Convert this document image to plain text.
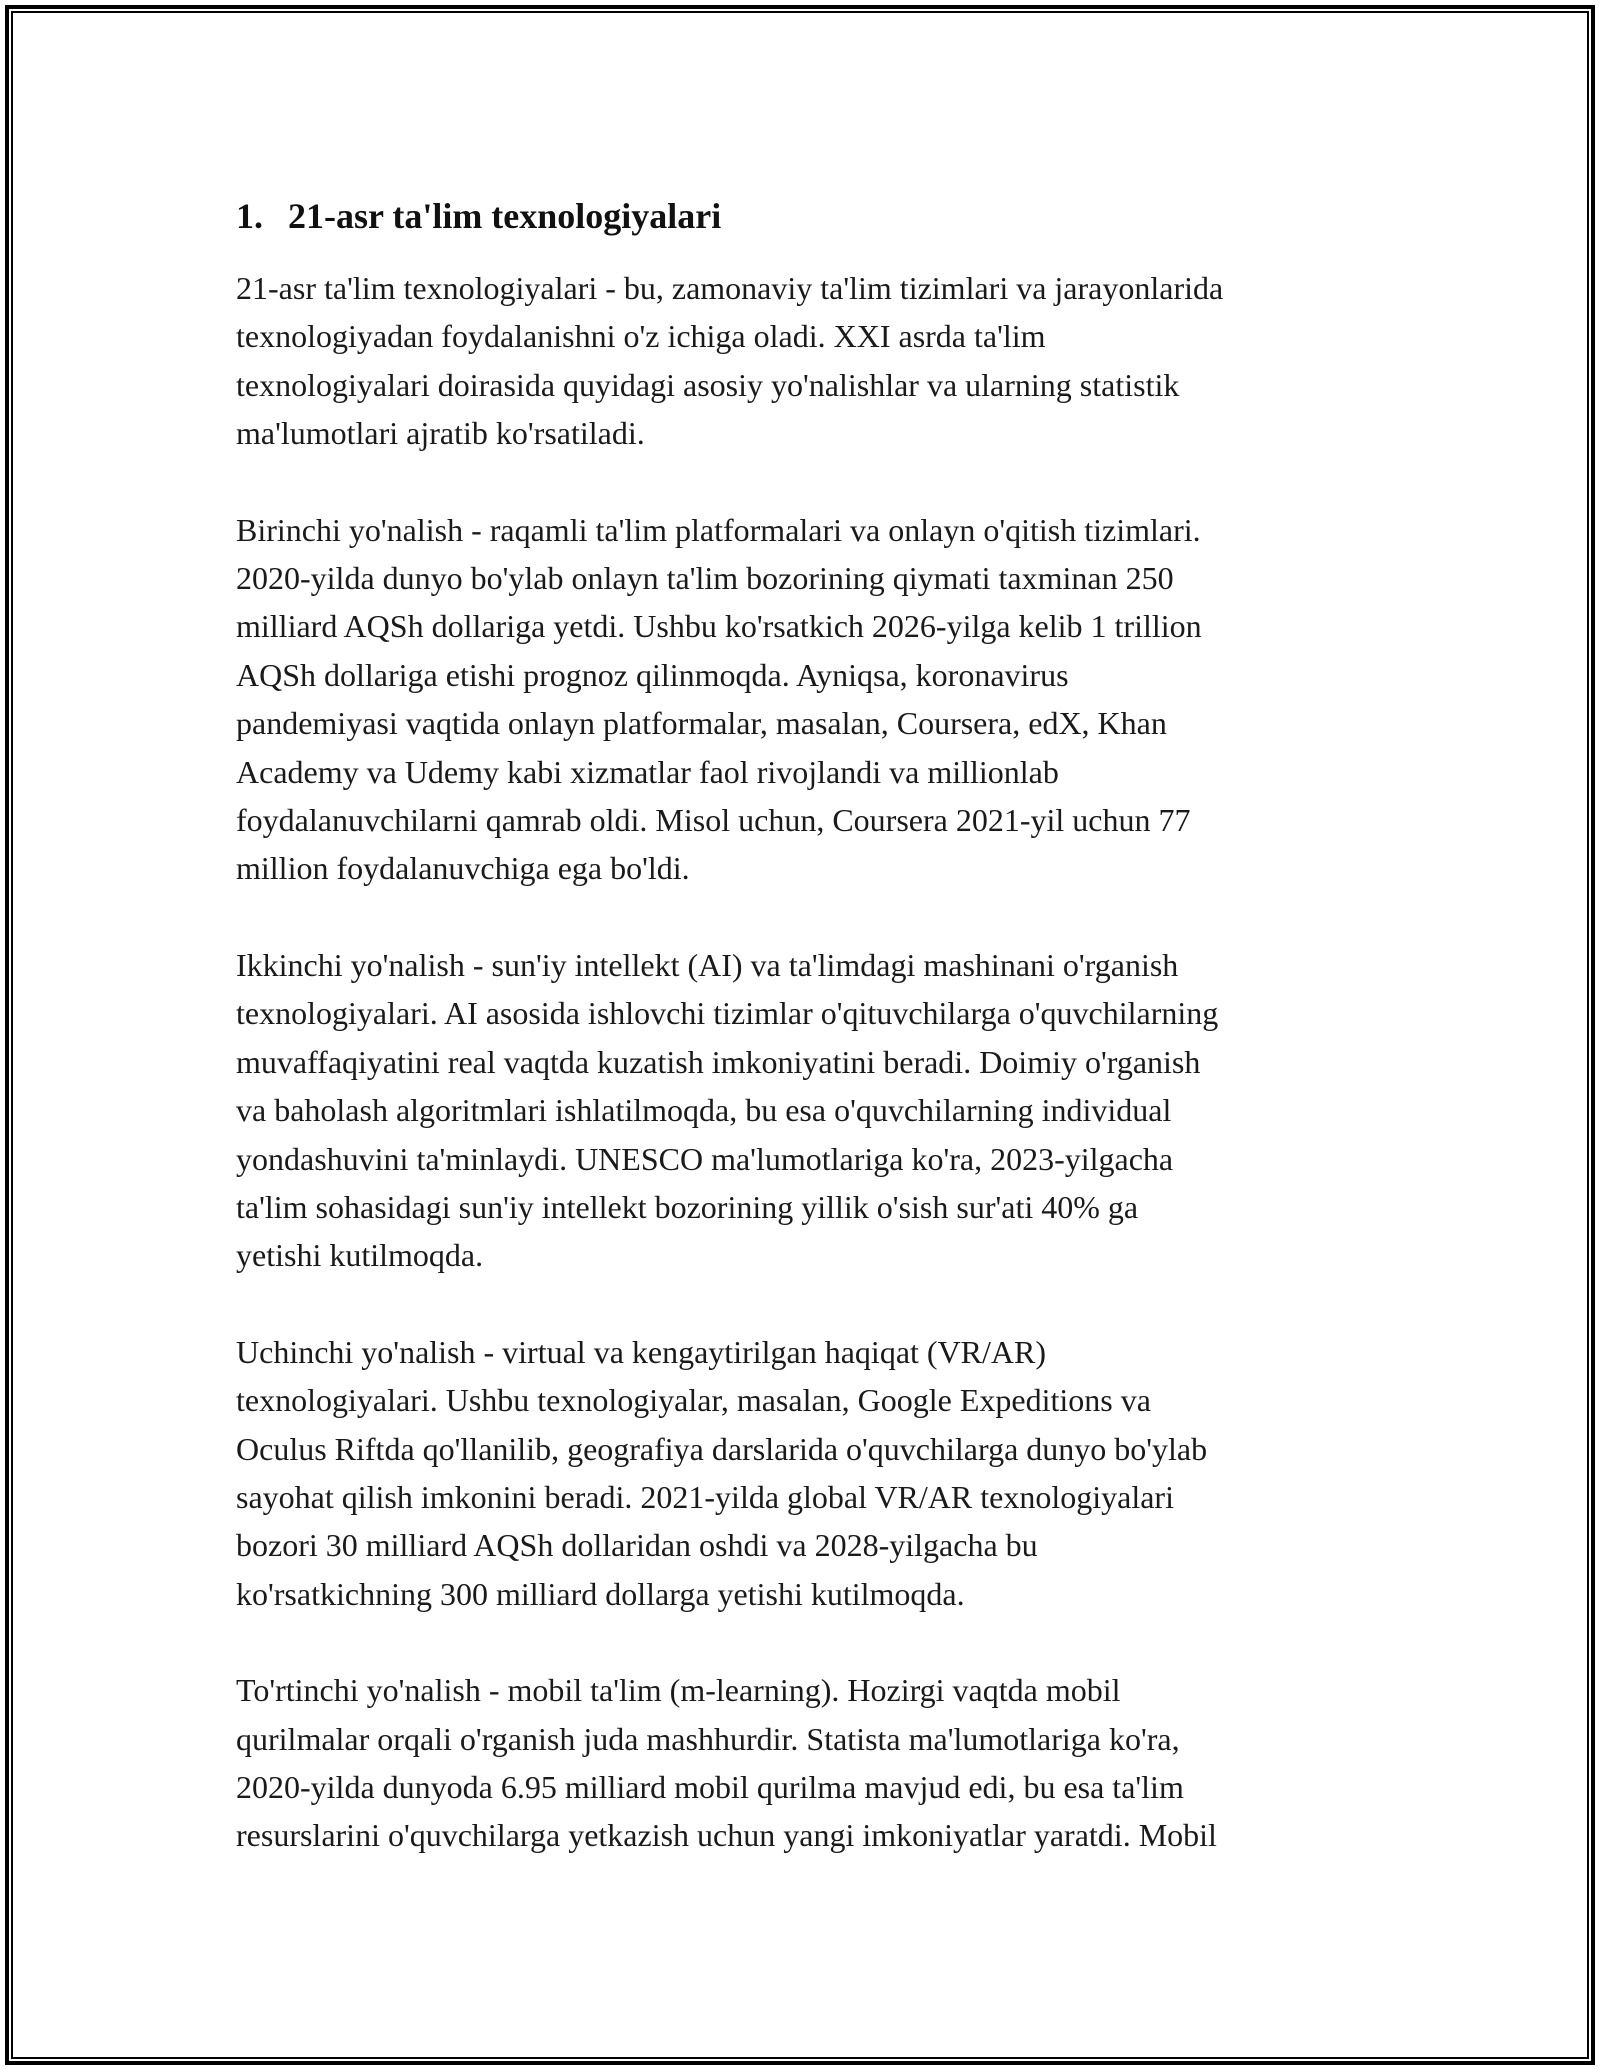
1. 21-asr ta'lim texnologiyalari

21-asr ta'lim texnologiyalari - bu, zamonaviy ta'lim tizimlari va jarayonlarida
texnologiyadan foydalanishni o'z ichiga oladi. XXI asrda ta'lim
texnologiyalari doirasida quyidagi asosiy yo'nalishlar va ularning statistik
ma'lumotlari ajratib ko'rsatiladi.

Birinchi yo'nalish - raqamli ta'lim platformalari va onlayn o'qitish tizimlari.
2020-yilda dunyo bo'ylab onlayn ta'lim bozorining qiymati taxminan 250
milliard AQSh dollariga yetdi. Ushbu ko'rsatkich 2026-yilga kelib 1 trillion
AQSh dollariga etishi prognoz qilinmoqda. Ayniqsa, koronavirus
pandemiyasi vaqtida onlayn platformalar, masalan, Coursera, edX, Khan
Academy va Udemy kabi xizmatlar faol rivojlandi va millionlab
foydalanuvchilarni qamrab oldi. Misol uchun, Coursera 2021-yil uchun 77
million foydalanuvchiga ega bo'ldi.

Ikkinchi yo'nalish - sun'iy intellekt (AI) va ta'limdagi mashinani o'rganish
texnologiyalari. AI asosida ishlovchi tizimlar o'qituvchilarga o'quvchilarning
muvaffaqiyatini real vaqtda kuzatish imkoniyatini beradi. Doimiy o'rganish
va baholash algoritmlari ishlatilmoqda, bu esa o'quvchilarning individual
yondashuvini ta'minlaydi. UNESCO ma'lumotlariga ko'ra, 2023-yilgacha
ta'lim sohasidagi sun'iy intellekt bozorining yillik o'sish sur'ati 40% ga
yetishi kutilmoqda.

Uchinchi yo'nalish - virtual va kengaytirilgan haqiqat (VR/AR)
texnologiyalari. Ushbu texnologiyalar, masalan, Google Expeditions va
Oculus Riftda qo'llanilib, geografiya darslarida o'quvchilarga dunyo bo'ylab
sayohat qilish imkonini beradi. 2021-yilda global VR/AR texnologiyalari
bozori 30 milliard AQSh dollaridan oshdi va 2028-yilgacha bu
ko'rsatkichning 300 milliard dollarga yetishi kutilmoqda.

To'rtinchi yo'nalish - mobil ta'lim (m-learning). Hozirgi vaqtda mobil
qurilmalar orqali o'rganish juda mashhurdir. Statista ma'lumotlariga ko'ra,
2020-yilda dunyoda 6.95 milliard mobil qurilma mavjud edi, bu esa ta'lim
resurslarini o'quvchilarga yetkazish uchun yangi imkoniyatlar yaratdi. Mobil
